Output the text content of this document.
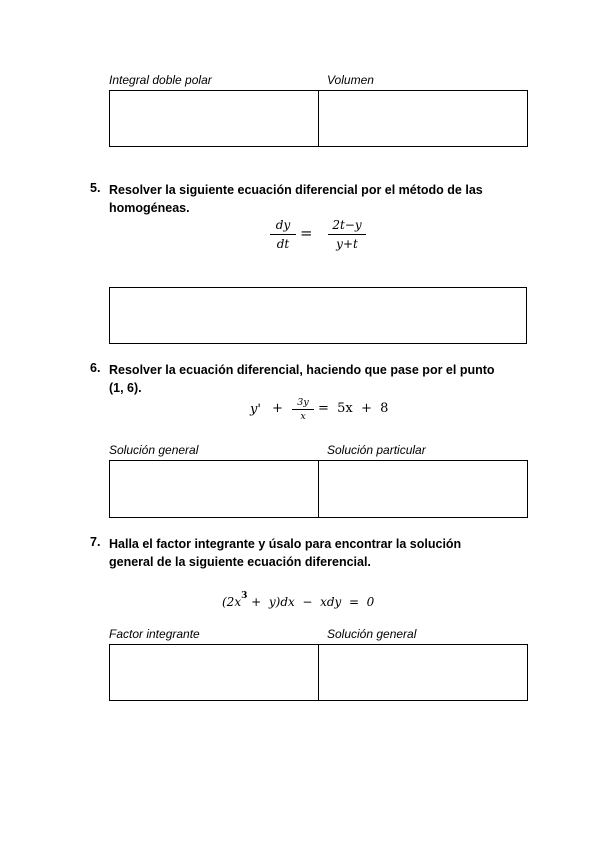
Integral doble polar	Volumen
5. Resolver la siguiente ecuación diferencial por el método de las
homogéneas.
dy
dt
=	2t−y
y+t
6. Resolver la ecuación diferencial, haciendo que pase por el punto
(1, 6).
y' +	3y
x
=  5x  +  8
Solución general	Solución particular
7. Halla el factor integrante y úsalo para encontrar la solución
general de la siguiente ecuación diferencial.
$(2x^3 + y)dx$  −  xdy  =  0
Factor integrante	Solución general
